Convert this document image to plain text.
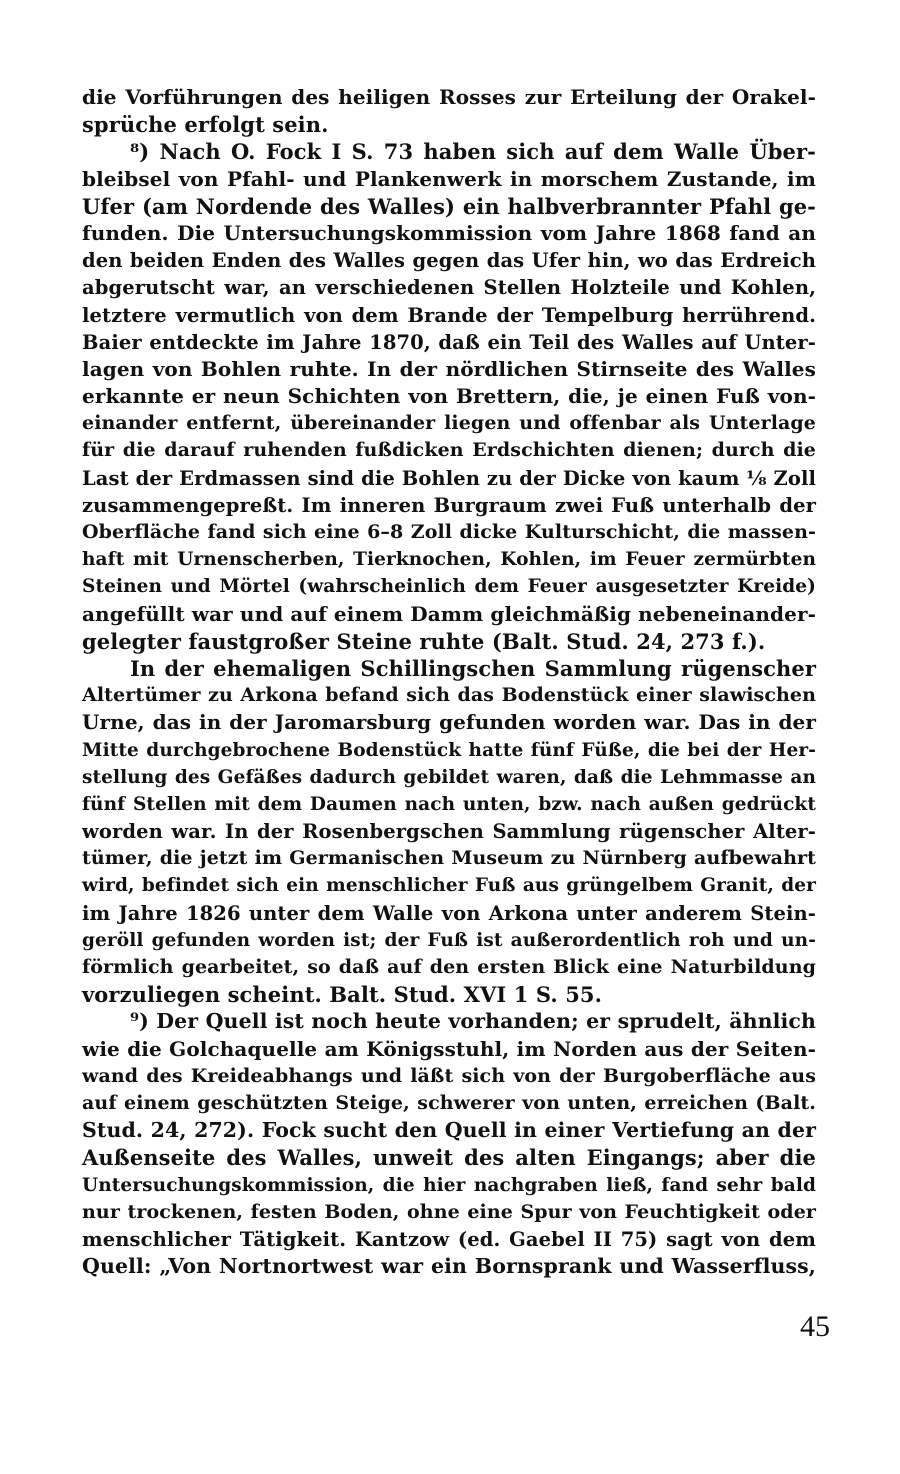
die Vorführungen des heiligen Rosses zur Erteilung der Orakel-
sprüche erfolgt sein.
⁸) Nach O. Fock I S. 73 haben sich auf dem Walle Über-
bleibsel von Pfahl- und Plankenwerk in morschem Zustande, im
Ufer (am Nordende des Walles) ein halbverbrannter Pfahl ge-
funden. Die Untersuchungskommission vom Jahre 1868 fand an
den beiden Enden des Walles gegen das Ufer hin, wo das Erdreich
abgerutscht war, an verschiedenen Stellen Holzteile und Kohlen,
letztere vermutlich von dem Brande der Tempelburg herrührend.
Baier entdeckte im Jahre 1870, daß ein Teil des Walles auf Unter-
lagen von Bohlen ruhte. In der nördlichen Stirnseite des Walles
erkannte er neun Schichten von Brettern, die, je einen Fuß von-
einander entfernt, übereinander liegen und offenbar als Unterlage
für die darauf ruhenden fußdicken Erdschichten dienen; durch die
Last der Erdmassen sind die Bohlen zu der Dicke von kaum ⅛ Zoll
zusammengepreßt. Im inneren Burgraum zwei Fuß unterhalb der
Oberfläche fand sich eine 6–8 Zoll dicke Kulturschicht, die massen-
haft mit Urnenscherben, Tierknochen, Kohlen, im Feuer zermürbten
Steinen und Mörtel (wahrscheinlich dem Feuer ausgesetzter Kreide)
angefüllt war und auf einem Damm gleichmäßig nebeneinander-
gelegter faustgroßer Steine ruhte (Balt. Stud. 24, 273 f.).
In der ehemaligen Schillingschen Sammlung rügenscher
Altertümer zu Arkona befand sich das Bodenstück einer slawischen
Urne, das in der Jaromarsburg gefunden worden war. Das in der
Mitte durchgebrochene Bodenstück hatte fünf Füße, die bei der Her-
stellung des Gefäßes dadurch gebildet waren, daß die Lehmmasse an
fünf Stellen mit dem Daumen nach unten, bzw. nach außen gedrückt
worden war. In der Rosenbergschen Sammlung rügenscher Alter-
tümer, die jetzt im Germanischen Museum zu Nürnberg aufbewahrt
wird, befindet sich ein menschlicher Fuß aus grüngelbem Granit, der
im Jahre 1826 unter dem Walle von Arkona unter anderem Stein-
geröll gefunden worden ist; der Fuß ist außerordentlich roh und un-
förmlich gearbeitet, so daß auf den ersten Blick eine Naturbildung
vorzuliegen scheint. Balt. Stud. XVI 1 S. 55.
⁹) Der Quell ist noch heute vorhanden; er sprudelt, ähnlich
wie die Golchaquelle am Königsstuhl, im Norden aus der Seiten-
wand des Kreideabhangs und läßt sich von der Burgoberfläche aus
auf einem geschützten Steige, schwerer von unten, erreichen (Balt.
Stud. 24, 272). Fock sucht den Quell in einer Vertiefung an der
Außenseite des Walles, unweit des alten Eingangs; aber die
Untersuchungskommission, die hier nachgraben ließ, fand sehr bald
nur trockenen, festen Boden, ohne eine Spur von Feuchtigkeit oder
menschlicher Tätigkeit. Kantzow (ed. Gaebel II 75) sagt von dem
Quell: „Von Nortnortwest war ein Bornsprank und Wasserfluss,
45
